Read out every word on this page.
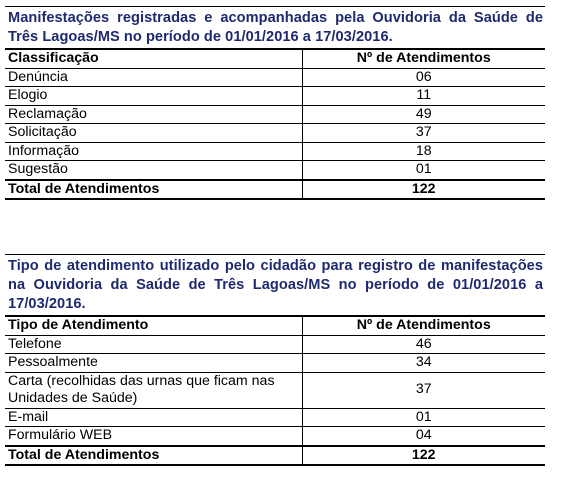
Manifestações registradas e acompanhadas pela Ouvidoria da Saúde de Três Lagoas/MS no período de 01/01/2016 a 17/03/2016.
Classificação	Nº de Atendimentos
Denúncia	06
Elogio	11
Reclamação	49
Solicitação	37
Informação	18
Sugestão	01
Total de Atendimentos	122
Tipo de atendimento utilizado pelo cidadão para registro de manifestações na Ouvidoria da Saúde de Três Lagoas/MS no período de 01/01/2016 a 17/03/2016.
Tipo de Atendimento	Nº de Atendimentos
Telefone	46
Pessoalmente	34
Carta (recolhidas das urnas que ficam nas Unidades de Saúde)	37
E-mail	01
Formulário WEB	04
Total de Atendimentos	122
